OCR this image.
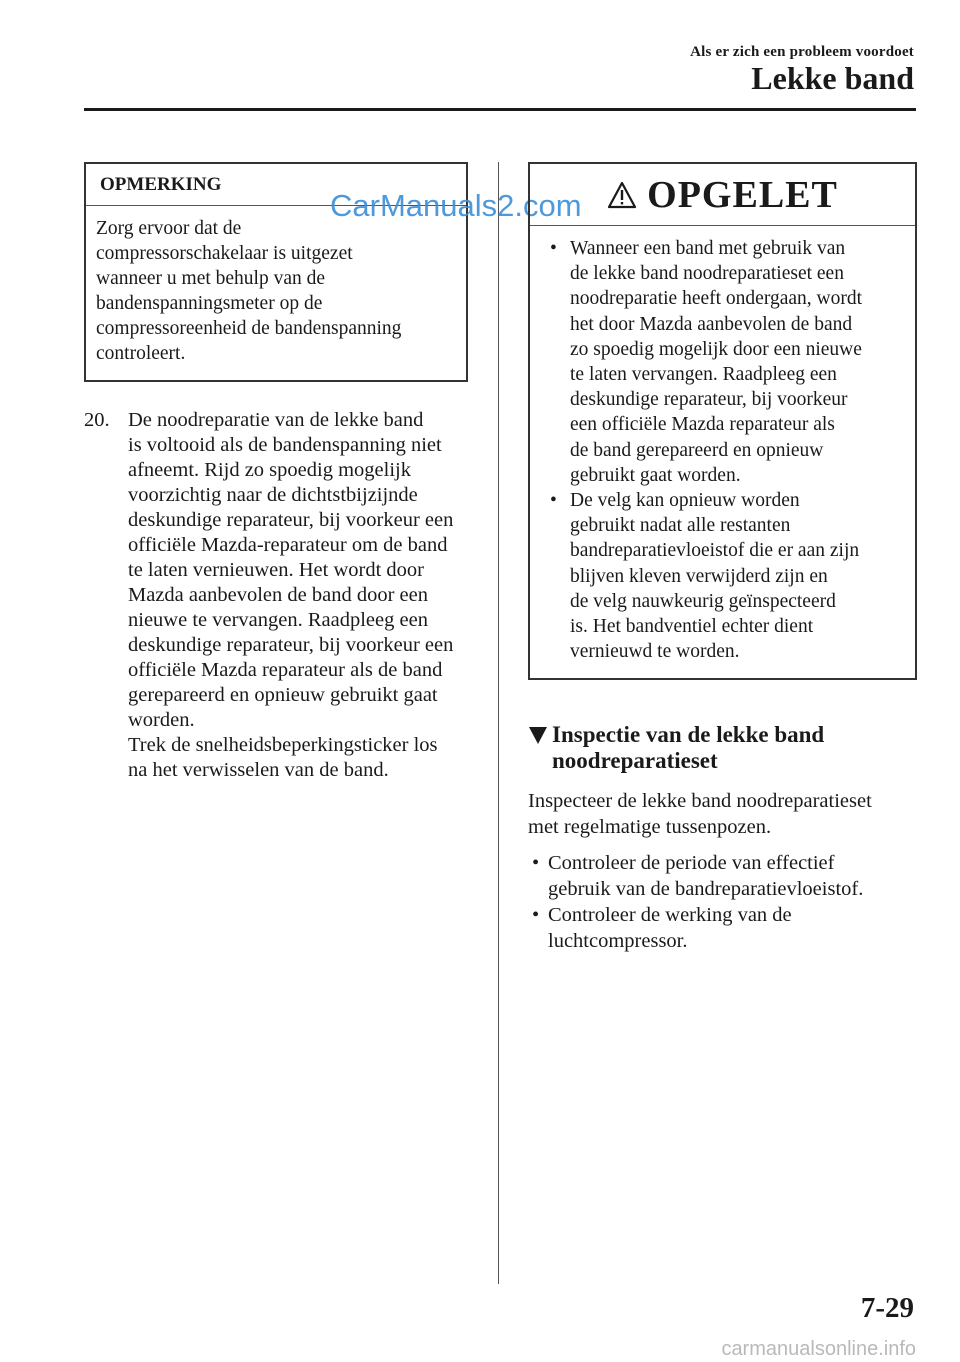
Als er zich een probleem voordoet
Lekke band
OPMERKING
Zorg ervoor dat de
compressorschakelaar is uitgezet
wanneer u met behulp van de
bandenspanningsmeter op de
compressoreenheid de bandenspanning
controleert.
CarManuals2.com
20. De noodreparatie van de lekke band
is voltooid als de bandenspanning niet
afneemt. Rijd zo spoedig mogelijk
voorzichtig naar de dichtstbijzijnde
deskundige reparateur, bij voorkeur een
officiële Mazda-reparateur om de band
te laten vernieuwen. Het wordt door
Mazda aanbevolen de band door een
nieuwe te vervangen. Raadpleeg een
deskundige reparateur, bij voorkeur een
officiële Mazda reparateur als de band
gerepareerd en opnieuw gebruikt gaat
worden.
Trek de snelheidsbeperkingsticker los
na het verwisselen van de band.
OPGELET
• Wanneer een band met gebruik van
de lekke band noodreparatieset een
noodreparatie heeft ondergaan, wordt
het door Mazda aanbevolen de band
zo spoedig mogelijk door een nieuwe
te laten vervangen. Raadpleeg een
deskundige reparateur, bij voorkeur
een officiële Mazda reparateur als
de band gerepareerd en opnieuw
gebruikt gaat worden.
• De velg kan opnieuw worden
gebruikt nadat alle restanten
bandreparatievloeistof die er aan zijn
blijven kleven verwijderd zijn en
de velg nauwkeurig geïnspecteerd
is. Het bandventiel echter dient
vernieuwd te worden.
Inspectie van de lekke band
noodreparatieset
Inspecteer de lekke band noodreparatieset
met regelmatige tussenpozen.
• Controleer de periode van effectief
gebruik van de bandreparatievloeistof.
• Controleer de werking van de
luchtcompressor.
7-29
carmanualsonline.info
